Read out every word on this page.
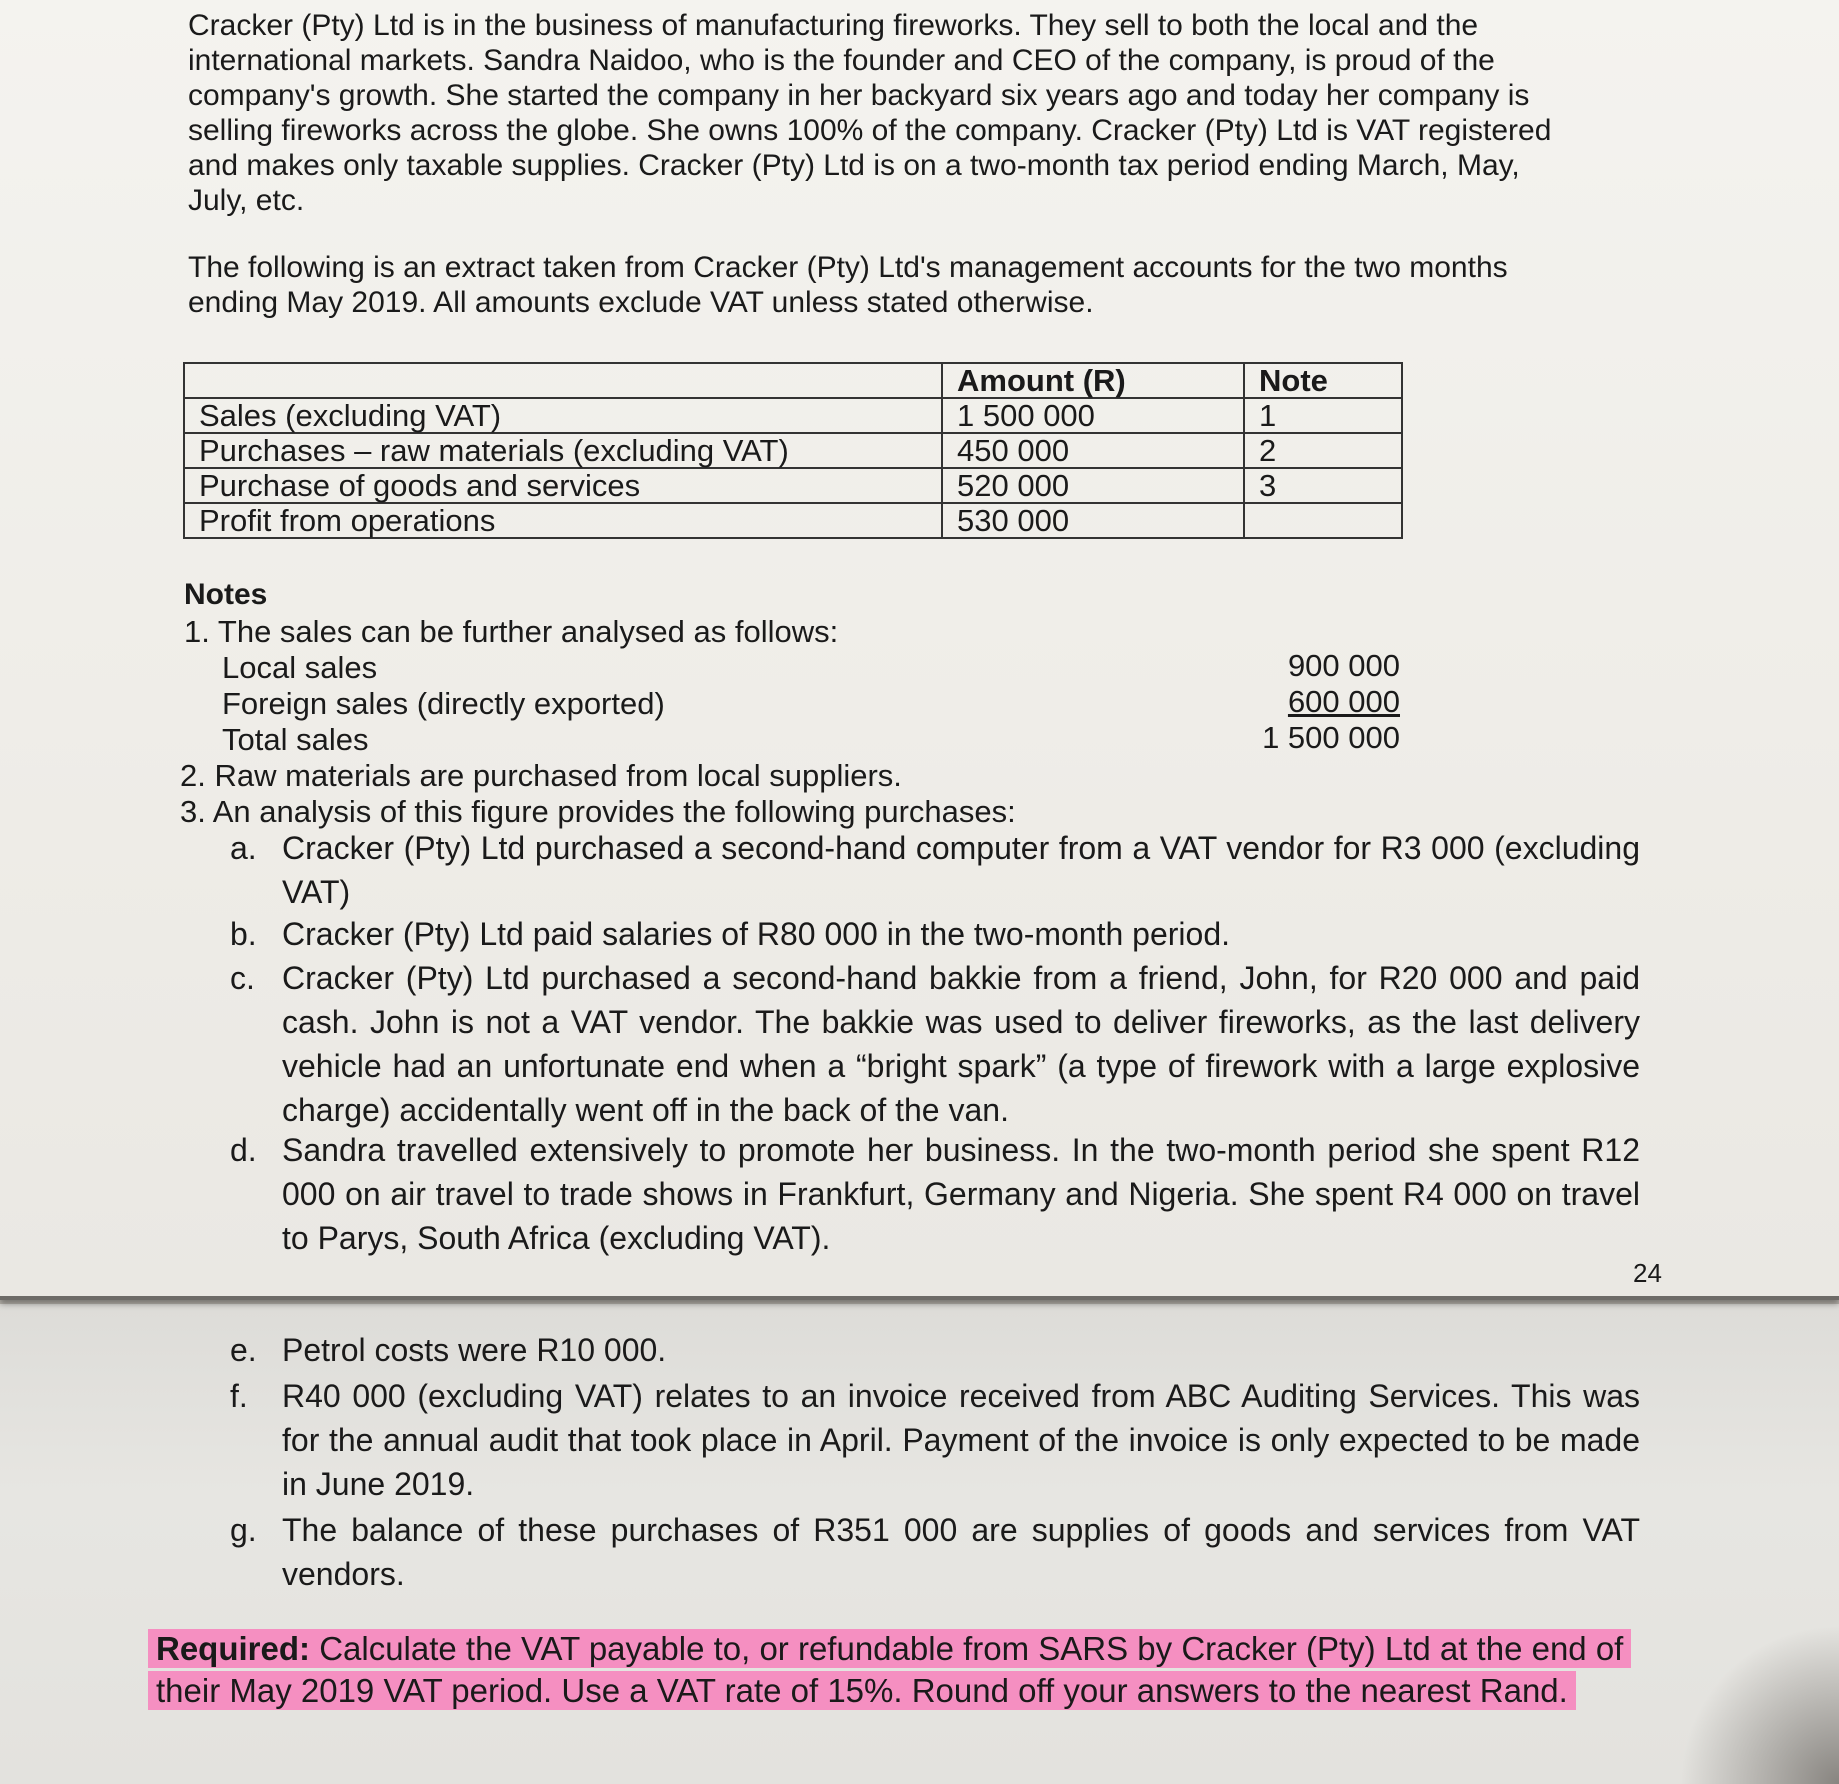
Cracker (Pty) Ltd is in the business of manufacturing fireworks. They sell to both the local and the international markets. Sandra Naidoo, who is the founder and CEO of the company, is proud of the company's growth. She started the company in her backyard six years ago and today her company is selling fireworks across the globe. She owns 100% of the company. Cracker (Pty) Ltd is VAT registered and makes only taxable supplies. Cracker (Pty) Ltd is on a two-month tax period ending March, May, July, etc.

The following is an extract taken from Cracker (Pty) Ltd's management accounts for the two months ending May 2019. All amounts exclude VAT unless stated otherwise.

	Amount (R)	Note
Sales (excluding VAT)	1 500 000	1
Purchases – raw materials (excluding VAT)	450 000	2
Purchase of goods and services	520 000	3
Profit from operations	530 000	
Notes
1. The sales can be further analysed as follows:
Local sales	900 000
Foreign sales (directly exported)	600 000
Total sales	1 500 000
2. Raw materials are purchased from local suppliers.
3. An analysis of this figure provides the following purchases:
a. Cracker (Pty) Ltd purchased a second-hand computer from a VAT vendor for R3 000 (excluding VAT)
b. Cracker (Pty) Ltd paid salaries of R80 000 in the two-month period.
c. Cracker (Pty) Ltd purchased a second-hand bakkie from a friend, John, for R20 000 and paid cash. John is not a VAT vendor. The bakkie was used to deliver fireworks, as the last delivery vehicle had an unfortunate end when a “bright spark” (a type of firework with a large explosive charge) accidentally went off in the back of the van.
d. Sandra travelled extensively to promote her business. In the two-month period she spent R12 000 on air travel to trade shows in Frankfurt, Germany and Nigeria. She spent R4 000 on travel to Parys, South Africa (excluding VAT).
24
e. Petrol costs were R10 000.
f.	R40 000 (excluding VAT) relates to an invoice received from ABC Auditing Services. This was for the annual audit that took place in April. Payment of the invoice is only expected to be made in June 2019.
g. The balance of these purchases of R351 000 are supplies of goods and services from VAT vendors.
Required: Calculate the VAT payable to, or refundable from SARS by Cracker (Pty) Ltd at the end of their May 2019 VAT period. Use a VAT rate of 15%. Round off your answers to the nearest Rand.
